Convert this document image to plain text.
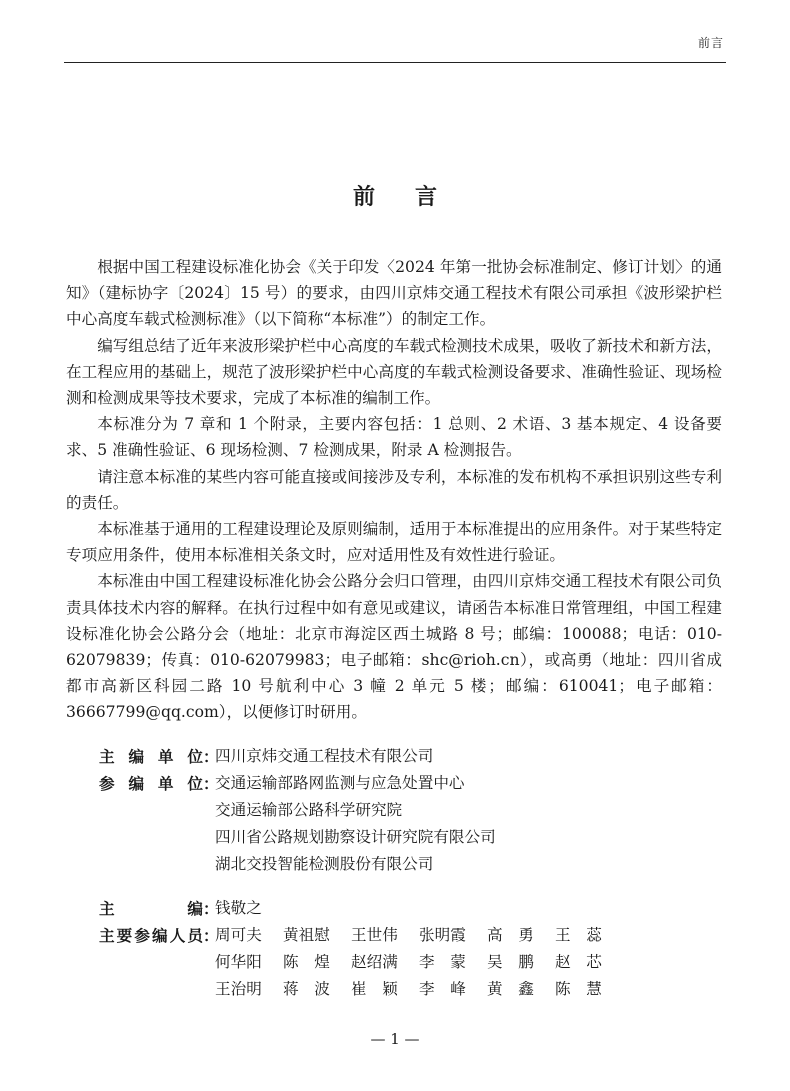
前言
前言

根据中国工程建设标准化协会《关于印发〈2024 年第一批协会标准制定、修订计划〉的通知》（建标协字〔2024〕15 号）的要求，由四川京炜交通工程技术有限公司承担《波形梁护栏中心高度车载式检测标准》（以下简称“本标准”）的制定工作。

编写组总结了近年来波形梁护栏中心高度的车载式检测技术成果，吸收了新技术和新方法，在工程应用的基础上，规范了波形梁护栏中心高度的车载式检测设备要求、准确性验证、现场检测和检测成果等技术要求，完成了本标准的编制工作。

本标准分为 7 章和 1 个附录，主要内容包括：1 总则、2 术语、3 基本规定、4 设备要求、5 准确性验证、6 现场检测、7 检测成果，附录 A 检测报告。

请注意本标准的某些内容可能直接或间接涉及专利，本标准的发布机构不承担识别这些专利的责任。

本标准基于通用的工程建设理论及原则编制，适用于本标准提出的应用条件。对于某些特定专项应用条件，使用本标准相关条文时，应对适用性及有效性进行验证。

本标准由中国工程建设标准化协会公路分会归口管理，由四川京炜交通工程技术有限公司负责具体技术内容的解释。在执行过程中如有意见或建议，请函告本标准日常管理组，中国工程建设标准化协会公路分会（地址：北京市海淀区西土城路 8 号；邮编：100088；电话：010-62079839；传真：010-62079983；电子邮箱：shc@rioh.cn），或高勇（地址：四川省成都市高新区科园二路 10 号航利中心 3 幢 2 单元 5 楼；邮编：610041；电子邮箱：36667799@qq.com），以便修订时研用。

主编单位 ：
四川京炜交通工程技术有限公司
参编单位 ：
交通运输部路网监测与应急处置中心
交通运输部公路科学研究院
四川省公路规划勘察设计研究院有限公司
湖北交投智能检测股份有限公司
主编 ：
钱敬之
主要参编人员 ：
周可夫	黄祖慰	王世伟	张明霞	高　勇	王　蕊
何华阳	陈　煌	赵绍满	李　蒙	吴　鹏	赵　芯
王治明	蒋　波	崔　颖	李　峰	黄　鑫	陈　慧
— 1 —
